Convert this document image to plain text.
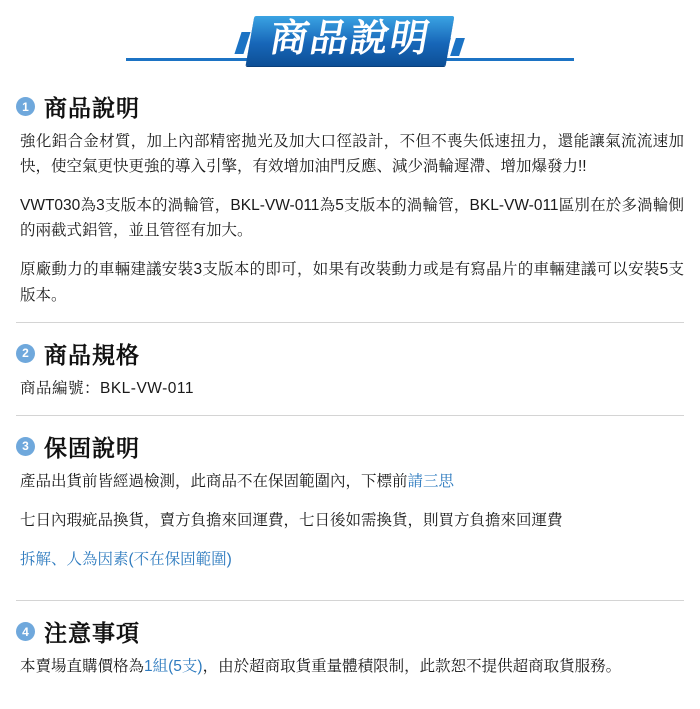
商品說明
1 商品說明

強化鋁合金材質，加上內部精密拋光及加大口徑設計，不但不喪失低速扭力，還能讓氣流流速加快，使空氣更快更強的導入引擎，有效增加油門反應、減少渦輪遲滯、增加爆發力!!

VWT030為3支版本的渦輪管，BKL-VW-011為5支版本的渦輪管，BKL-VW-011區別在於多渦輪側的兩截式鋁管，並且管徑有加大。

原廠動力的車輛建議安裝3支版本的即可，如果有改裝動力或是有寫晶片的車輛建議可以安裝5支版本。

2 商品規格

商品編號：BKL-VW-011

3 保固說明

產品出貨前皆經過檢測，此商品不在保固範圍內，下標前請三思

七日內瑕疵品換貨，賣方負擔來回運費，七日後如需換貨，則買方負擔來回運費

拆解、人為因素(不在保固範圍)

4 注意事項

本賣場直購價格為1組(5支)，由於超商取貨重量體積限制，此款恕不提供超商取貨服務。
